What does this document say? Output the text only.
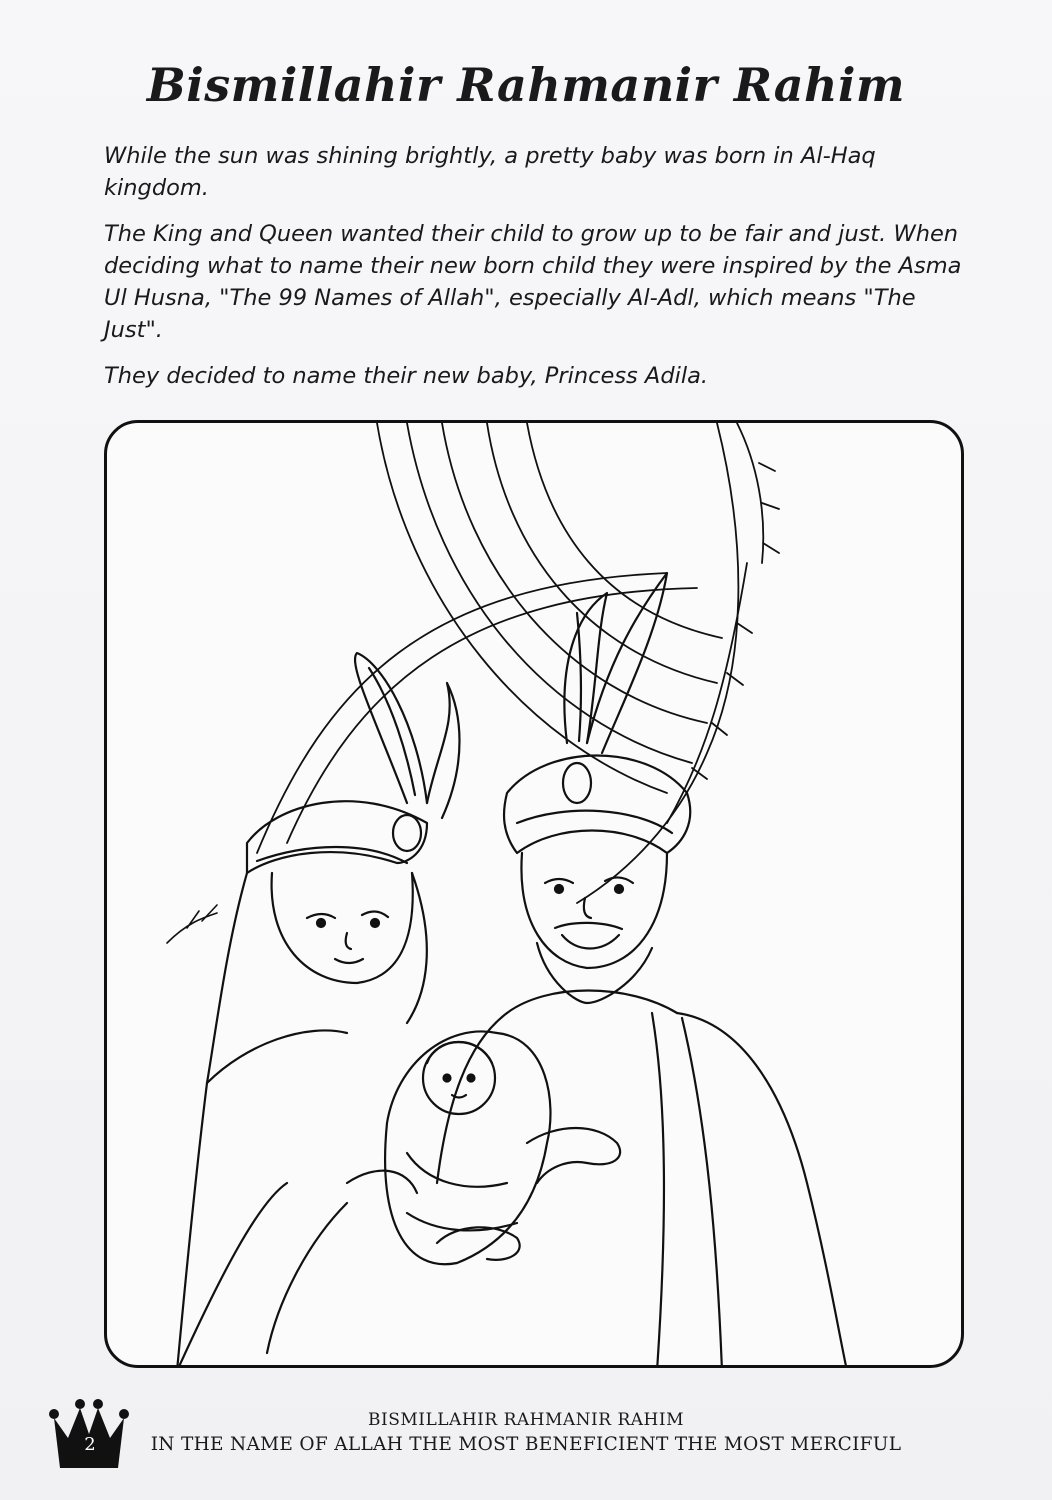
Bismillahir Rahmanir Rahim

While the sun was shining brightly, a pretty baby was born in Al-Haq kingdom.

The King and Queen wanted their child to grow up to be fair and just. When deciding what to name their new born child they were inspired by the Asma Ul Husna, "The 99 Names of Allah", especially Al-Adl, which means "The Just".

They decided to name their new baby, Princess Adila.

2
BISMILLAHIR RAHMANIR RAHIM
IN THE NAME OF ALLAH THE MOST BENEFICIENT THE MOST MERCIFUL
